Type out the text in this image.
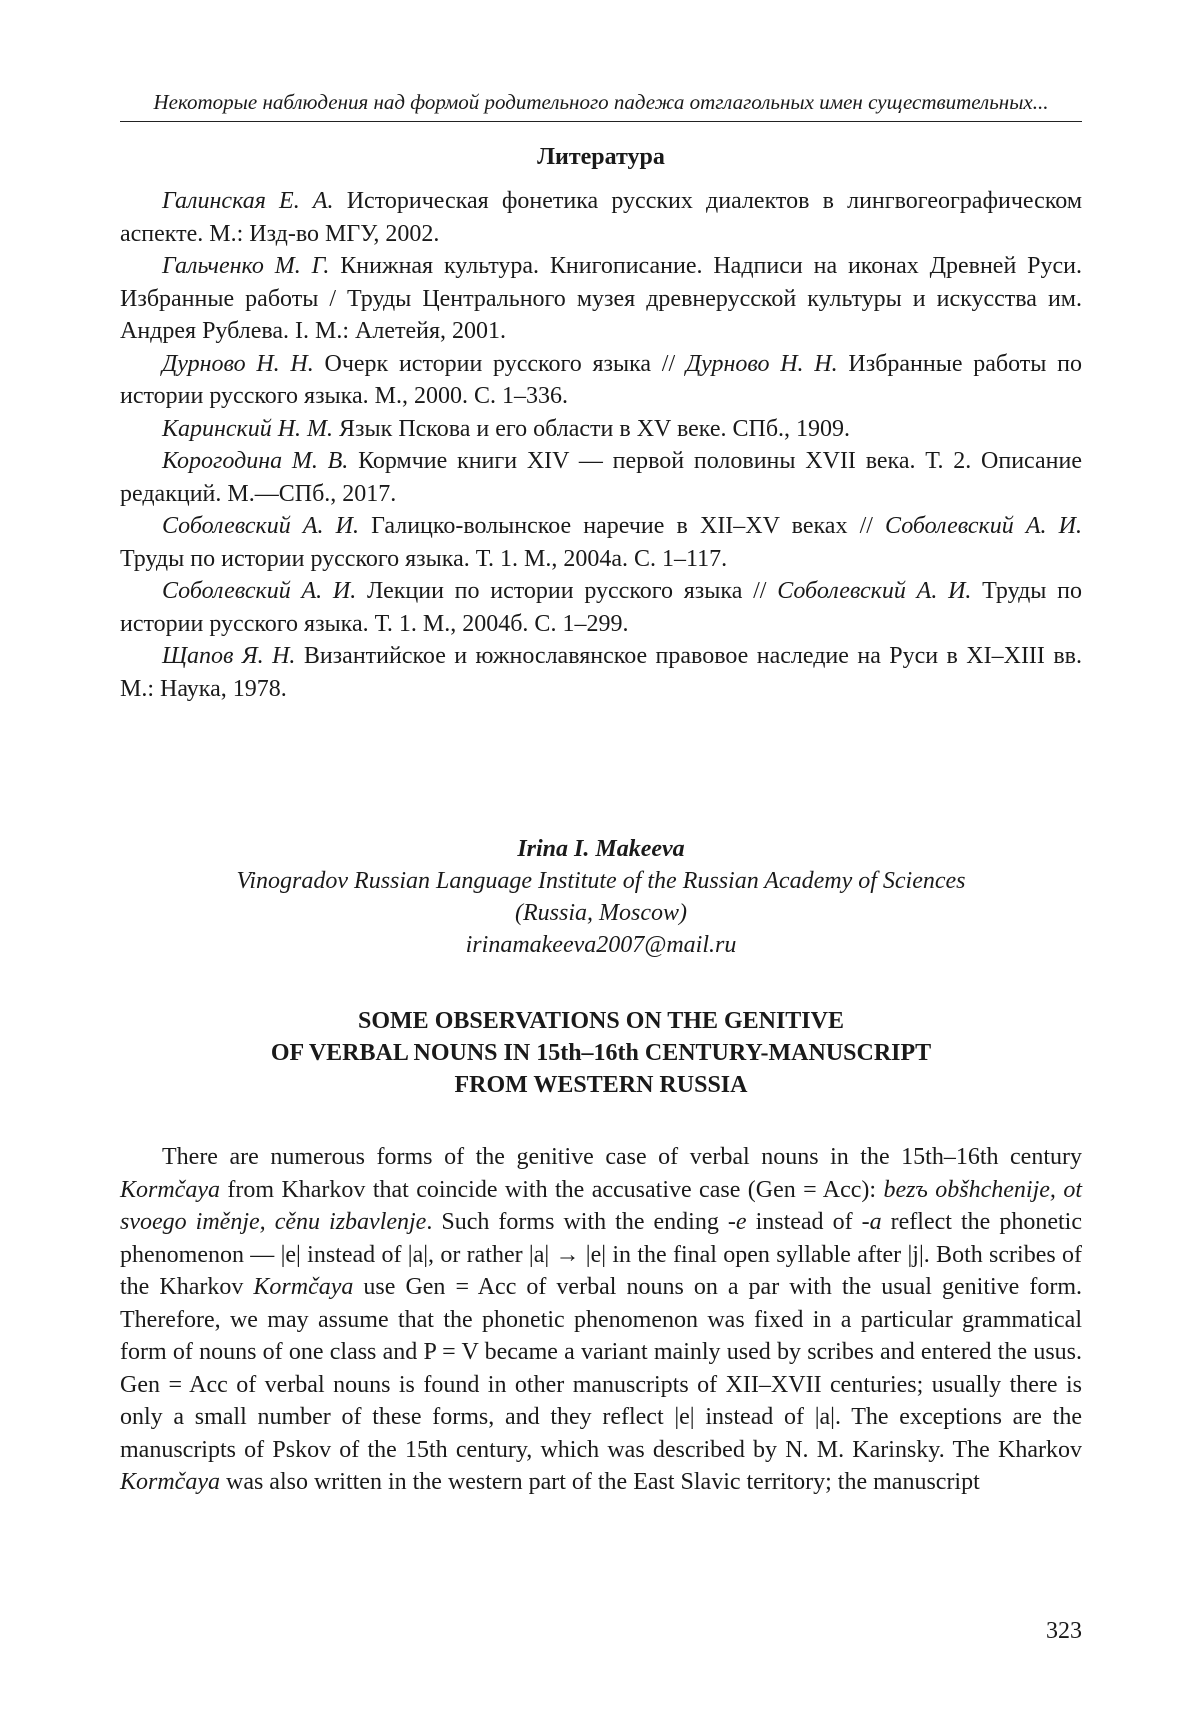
Некоторые наблюдения над формой родительного падежа отглагольных имен существительных...
Литература

Галинская Е. А. Историческая фонетика русских диалектов в лингвогеографическом аспекте. М.: Изд-во МГУ, 2002.

Гальченко М. Г. Книжная культура. Книгописание. Надписи на иконах Древней Руси. Избранные работы / Труды Центрального музея древнерусской культуры и искусства им. Андрея Рублева. I. М.: Алетейя, 2001.

Дурново Н. Н. Очерк истории русского языка // Дурново Н. Н. Избранные работы по истории русского языка. М., 2000. С. 1–336.

Каринский Н. М. Язык Пскова и его области в XV веке. СПб., 1909.

Корогодина М. В. Кормчие книги XIV — первой половины XVII века. Т. 2. Описание редакций. М.—СПб., 2017.

Соболевский А. И. Галицко-волынское наречие в XII–XV веках // Соболевский А. И. Труды по истории русского языка. Т. 1. М., 2004а. С. 1–117.

Соболевский А. И. Лекции по истории русского языка // Соболевский А. И. Труды по истории русского языка. Т. 1. М., 2004б. С. 1–299.

Щапов Я. Н. Византийское и южнославянское правовое наследие на Руси в XI–XIII вв. М.: Наука, 1978.

Irina I. Makeeva
Vinogradov Russian Language Institute of the Russian Academy of Sciences
(Russia, Moscow)
irinamakeeva2007@mail.ru
SOME OBSERVATIONS ON THE GENITIVE
OF VERBAL NOUNS IN 15th–16th CENTURY-MANUSCRIPT
FROM WESTERN RUSSIA

There are numerous forms of the genitive case of verbal nouns in the 15th–16th century Kormčaya from Kharkov that coincide with the accusative case (Gen = Acc): bezъ obšhchenije, ot svoego iměnje, cěnu izbavlenje. Such forms with the ending -e instead of -a reflect the phonetic phenomenon — |e| instead of |a|, or rather |a| → |e| in the final open syllable after |j|. Both scribes of the Kharkov Kormčaya use Gen = Acc of verbal nouns on a par with the usual genitive form. Therefore, we may assume that the phonetic phenomenon was fixed in a particular grammatical form of nouns of one class and P = V became a variant mainly used by scribes and entered the usus. Gen = Acc of verbal nouns is found in other manuscripts of XII–XVII centuries; usually there is only a small number of these forms, and they reflect |e| instead of |a|. The exceptions are the manuscripts of Pskov of the 15th century, which was described by N. M. Karinsky. The Kharkov Kormčaya was also written in the western part of the East Slavic territory; the manuscript

323
